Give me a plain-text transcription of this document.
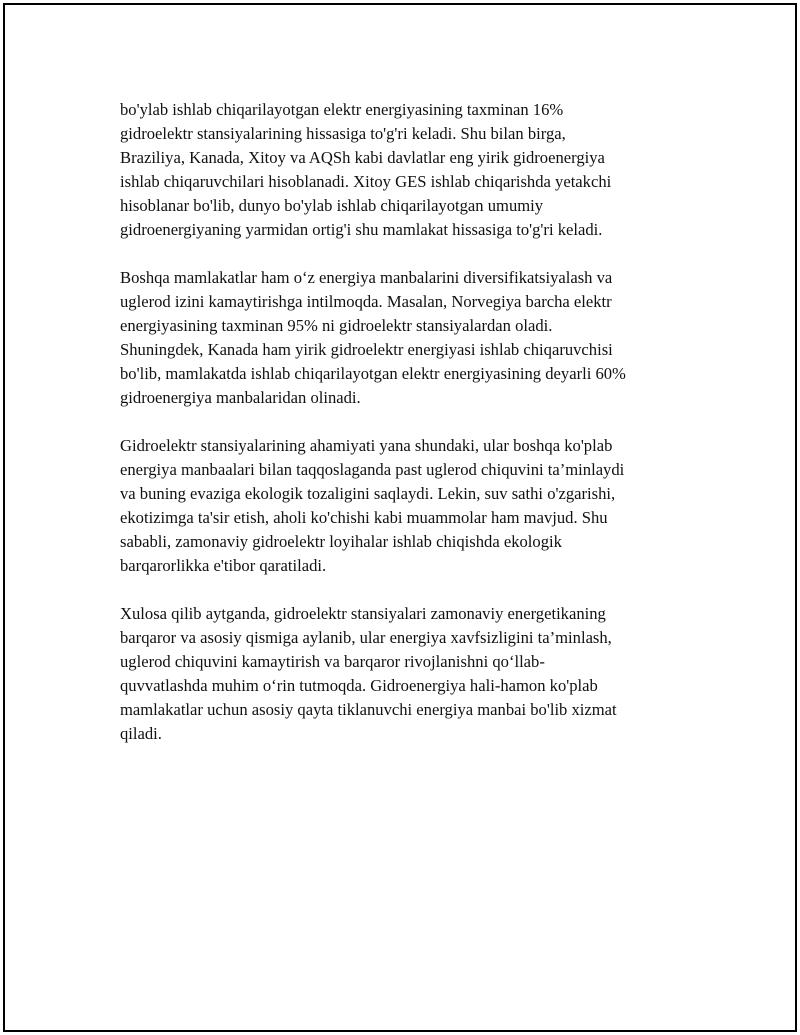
bo'ylab ishlab chiqarilayotgan elektr energiyasining taxminan 16%
gidroelektr stansiyalarining hissasiga to'g'ri keladi. Shu bilan birga,
Braziliya, Kanada, Xitoy va AQSh kabi davlatlar eng yirik gidroenergiya
ishlab chiqaruvchilari hisoblanadi. Xitoy GES ishlab chiqarishda yetakchi
hisoblanar bo'lib, dunyo bo'ylab ishlab chiqarilayotgan umumiy
gidroenergiyaning yarmidan ortig'i shu mamlakat hissasiga to'g'ri keladi.

Boshqa mamlakatlar ham o‘z energiya manbalarini diversifikatsiyalash va
uglerod izini kamaytirishga intilmoqda. Masalan, Norvegiya barcha elektr
energiyasining taxminan 95% ni gidroelektr stansiyalardan oladi.
Shuningdek, Kanada ham yirik gidroelektr energiyasi ishlab chiqaruvchisi
bo'lib, mamlakatda ishlab chiqarilayotgan elektr energiyasining deyarli 60%
gidroenergiya manbalaridan olinadi.

Gidroelektr stansiyalarining ahamiyati yana shundaki, ular boshqa ko'plab
energiya manbaalari bilan taqqoslaganda past uglerod chiquvini ta’minlaydi
va buning evaziga ekologik tozaligini saqlaydi. Lekin, suv sathi o'zgarishi,
ekotizimga ta'sir etish, aholi ko'chishi kabi muammolar ham mavjud. Shu
sababli, zamonaviy gidroelektr loyihalar ishlab chiqishda ekologik
barqarorlikka e'tibor qaratiladi.

Xulosa qilib aytganda, gidroelektr stansiyalari zamonaviy energetikaning
barqaror va asosiy qismiga aylanib, ular energiya xavfsizligini ta’minlash,
uglerod chiquvini kamaytirish va barqaror rivojlanishni qo‘llab-
quvvatlashda muhim o‘rin tutmoqda. Gidroenergiya hali-hamon ko'plab
mamlakatlar uchun asosiy qayta tiklanuvchi energiya manbai bo'lib xizmat
qiladi.
